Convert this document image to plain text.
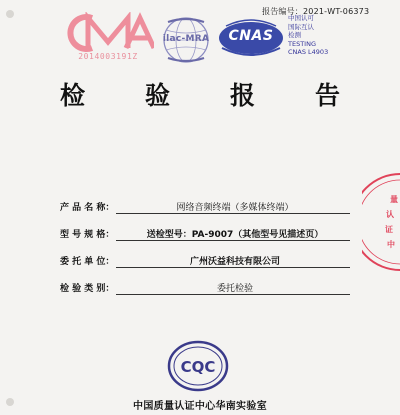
报告编号：2021-WT-06373
2014003191Z
ilac-MRA	CNAS
中国认可
国际互认
检测
TESTING
CNAS L4903
检 验 报 告
产 品 名 称：	网络音频终端（多媒体终端）
型 号 规 格：	送检型号：PA-9007（其他型号见描述页）
委 托 单 位：	广州沃益科技有限公司
检 验 类 别：	委托检验
CQC
中国质量认证中心华南实验室
量
认
证
中
